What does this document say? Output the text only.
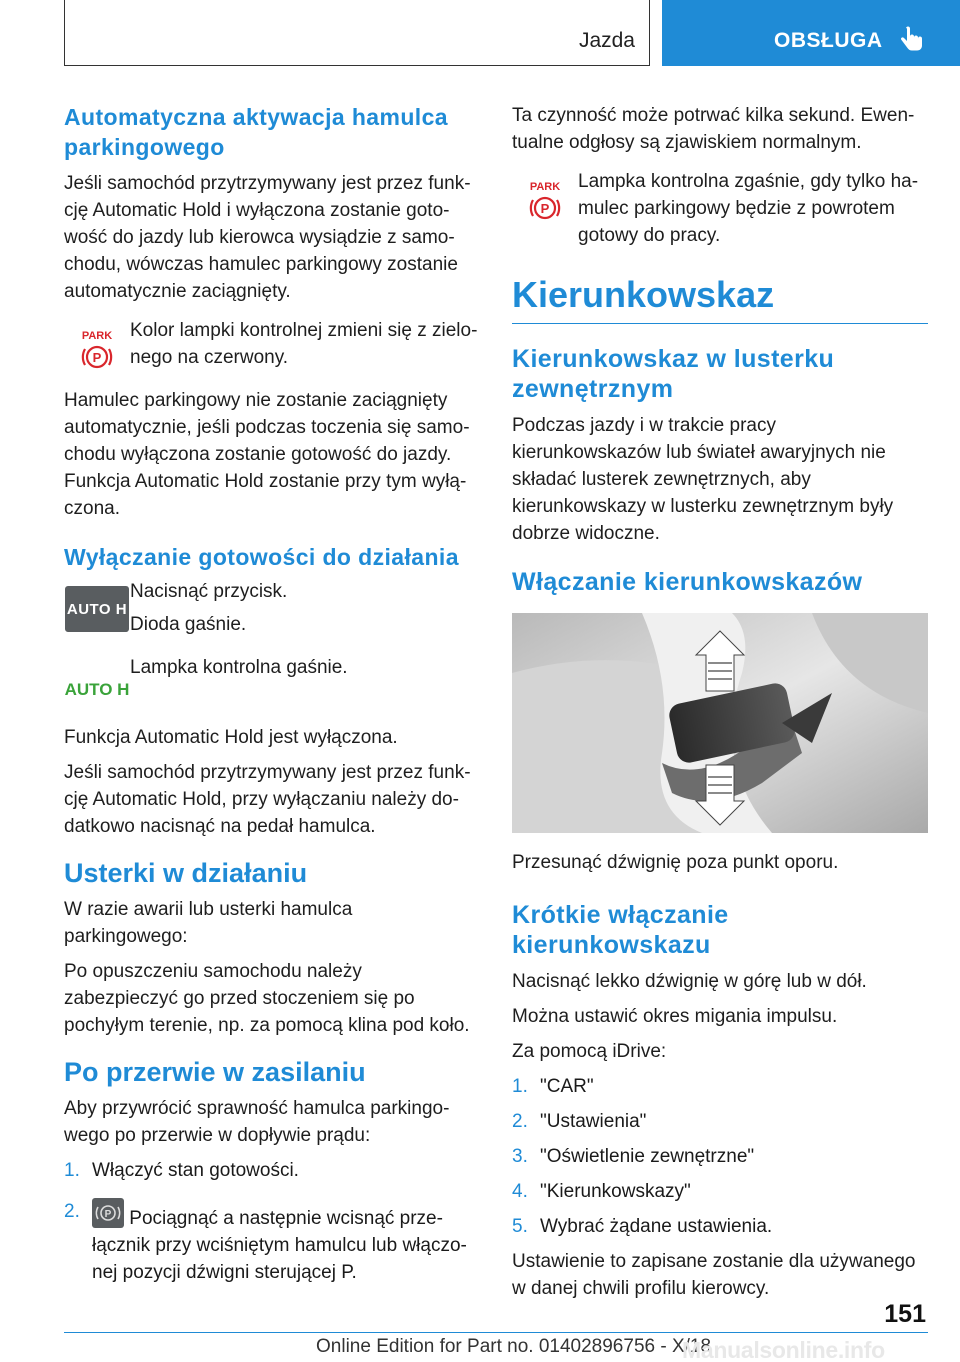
Jazda	OBSŁUGA
Automatyczna aktywacja hamulca parkingowego
Jeśli samochód przytrzymywany jest przez funkcję Automatic Hold i wyłączona zostanie gotowość do jazdy lub kierowca wysiądzie z samochodu, wówczas hamulec parkingowy zostanie automatycznie zaciągnięty.
PARK
P
Kolor lampki kontrolnej zmieni się z zielonego na czerwony.
Hamulec parkingowy nie zostanie zaciągnięty automatycznie, jeśli podczas toczenia się samochodu wyłączona zostanie gotowość do jazdy. Funkcja Automatic Hold zostanie przy tym wyłączona.
Wyłączanie gotowości do działania
AUTO H
Nacisnąć przycisk.
Dioda gaśnie.
AUTO H
Lampka kontrolna gaśnie.
Funkcja Automatic Hold jest wyłączona.
Jeśli samochód przytrzymywany jest przez funkcję Automatic Hold, przy wyłączaniu należy dodatkowo nacisnąć na pedał hamulca.
Usterki w działaniu
W razie awarii lub usterki hamulca parkingowego:
Po opuszczeniu samochodu należy zabezpieczyć go przed stoczeniem się po pochyłym terenie, np. za pomocą klina pod koło.
Po przerwie w zasilaniu
Aby przywrócić sprawność hamulca parkingowego po przerwie w dopływie prądu:
1. Włączyć stan gotowości.
2.	P Pociągnąć a następnie wcisnąć przełącznik przy wciśniętym hamulcu lub włączonej pozycji dźwigni sterującej P.
Ta czynność może potrwać kilka sekund. Ewentualne odgłosy są zjawiskiem normalnym.
PARK
P
Lampka kontrolna zgaśnie, gdy tylko hamulec parkingowy będzie z powrotem gotowy do pracy.
Kierunkowskaz
Kierunkowskaz w lusterku zewnętrznym
Podczas jazdy i w trakcie pracy kierunkowskazów lub świateł awaryjnych nie składać lusterek zewnętrznych, aby kierunkowskazy w lusterku zewnętrznym były dobrze widoczne.
Włączanie kierunkowskazów
Przesunąć dźwignię poza punkt oporu.
Krótkie włączanie kierunkowskazu
Nacisnąć lekko dźwignię w górę lub w dół.
Można ustawić okres migania impulsu.
Za pomocą iDrive:
1. "CAR"
2. "Ustawienia"
3. "Oświetlenie zewnętrzne"
4. "Kierunkowskazy"
5. Wybrać żądane ustawienia.
Ustawienie to zapisane zostanie dla używanego w danej chwili profilu kierowcy.
151
Online Edition for Part no. 01402896756 - X/18
Manualsonline.info
